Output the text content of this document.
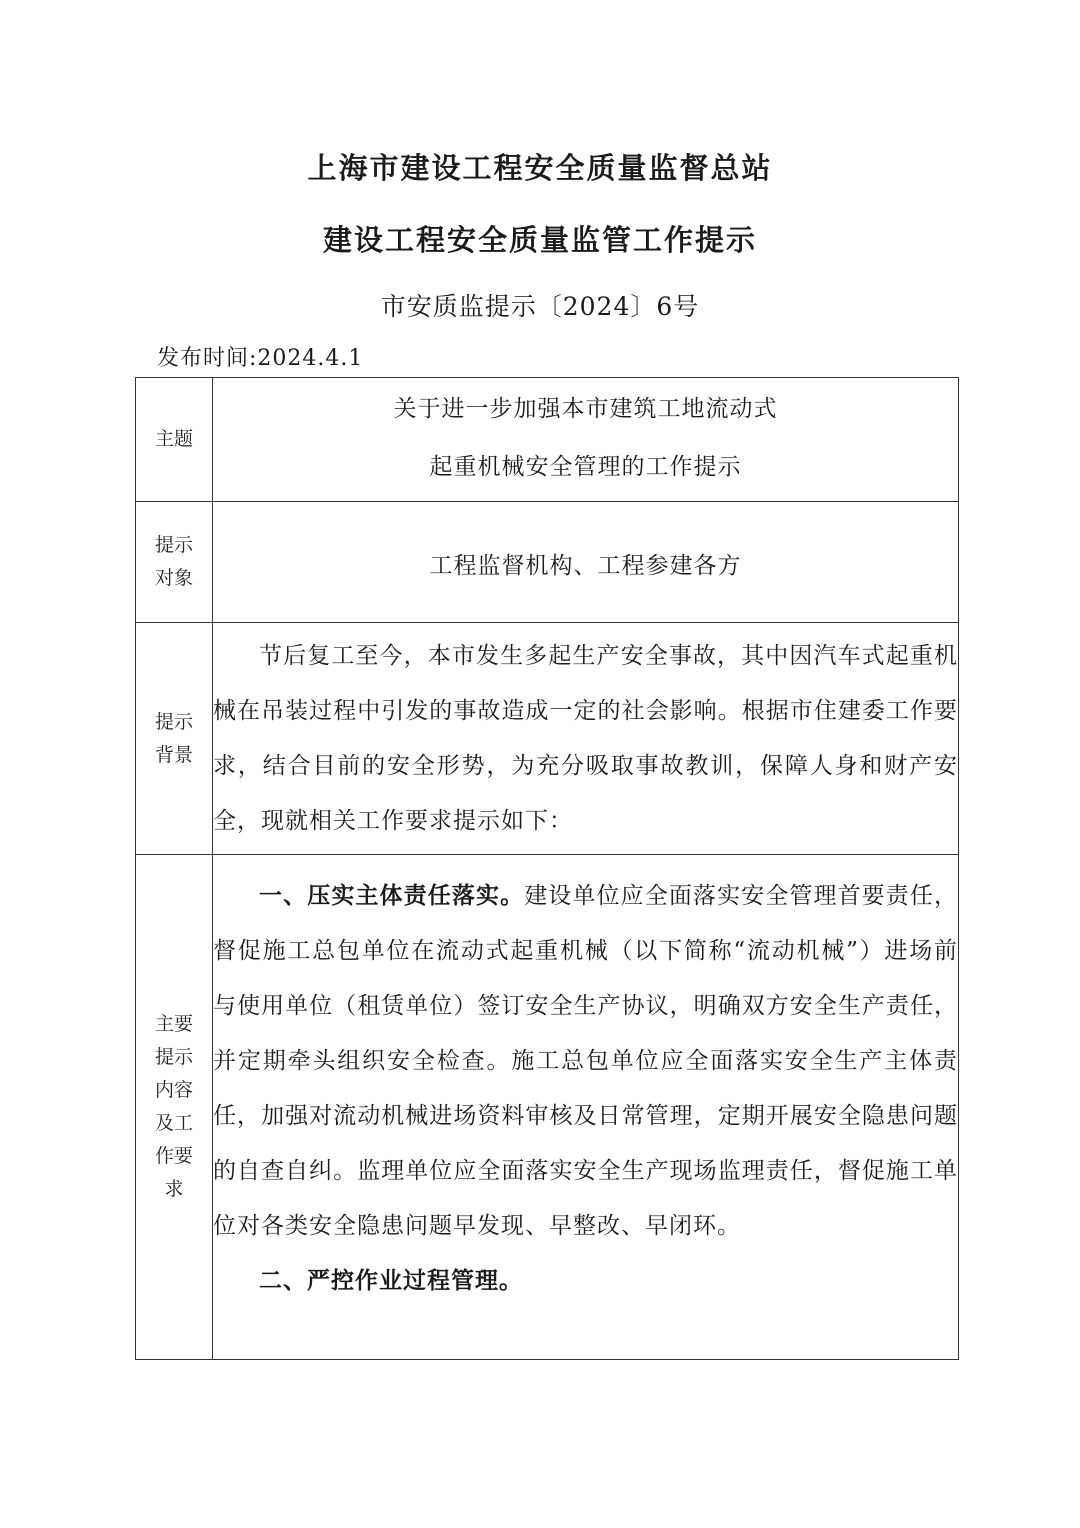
上海市建设工程安全质量监督总站
建设工程安全质量监管工作提示
市安质监提示〔2024〕6号
发布时间:2024.4.1
主题	关于进一步加强本市建筑工地流动式
起重机械安全管理的工作提示

提示对象	工程监督机构、工程参建各方

提示背景	节后复工至今，本市发生多起生产安全事故，其中因汽车式起重机械在吊装过程中引发的事故造成一定的社会影响。根据市住建委工作要求，结合目前的安全形势，为充分吸取事故教训，保障人身和财产安全，现就相关工作要求提示如下：

主要提示内容及工作要求	一、压实主体责任落实。建设单位应全面落实安全管理首要责任，督促施工总包单位在流动式起重机械（以下简称“流动机械”）进场前与使用单位（租赁单位）签订安全生产协议，明确双方安全生产责任，并定期牵头组织安全检查。施工总包单位应全面落实安全生产主体责任，加强对流动机械进场资料审核及日常管理，定期开展安全隐患问题的自查自纠。监理单位应全面落实安全生产现场监理责任，督促施工单位对各类安全隐患问题早发现、早整改、早闭环。

二、严控作业过程管理。
